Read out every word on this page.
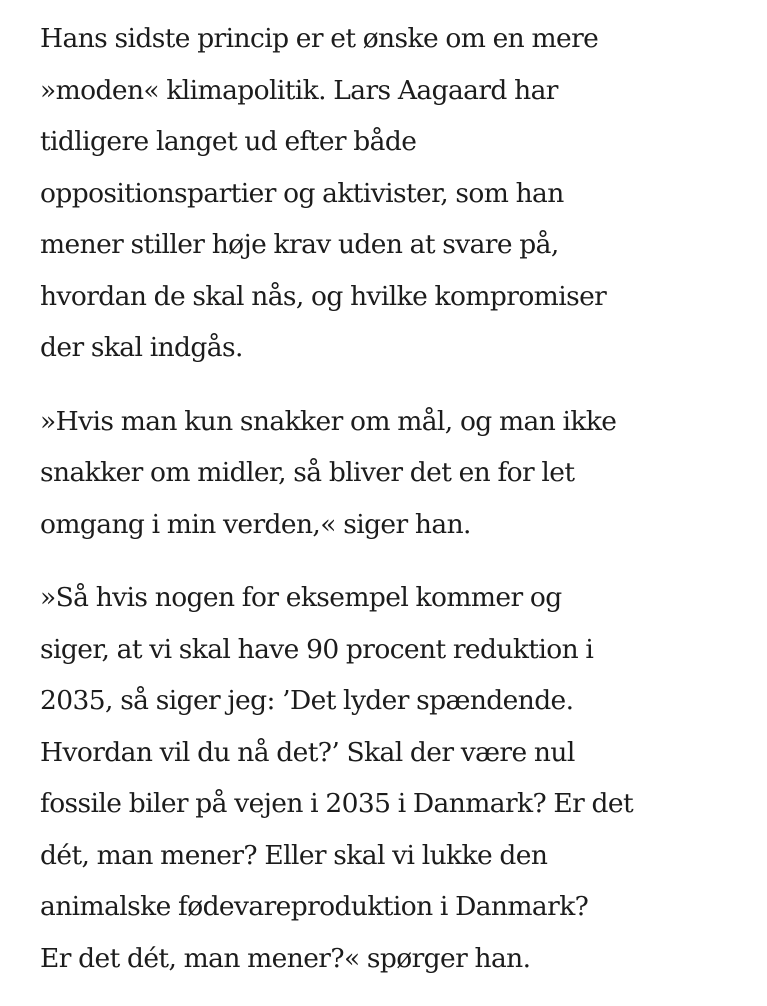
Hans sidste princip er et ønske om en mere
»moden« klimapolitik. Lars Aagaard har
tidligere langet ud efter både
oppositionspartier og aktivister, som han
mener stiller høje krav uden at svare på,
hvordan de skal nås, og hvilke kompromiser
der skal indgås.

»Hvis man kun snakker om mål, og man ikke
snakker om midler, så bliver det en for let
omgang i min verden,« siger han.

»Så hvis nogen for eksempel kommer og
siger, at vi skal have 90 procent reduktion i
2035, så siger jeg: ’Det lyder spændende.
Hvordan vil du nå det?’ Skal der være nul
fossile biler på vejen i 2035 i Danmark? Er det
dét, man mener? Eller skal vi lukke den
animalske fødevareproduktion i Danmark?
Er det dét, man mener?« spørger han.
